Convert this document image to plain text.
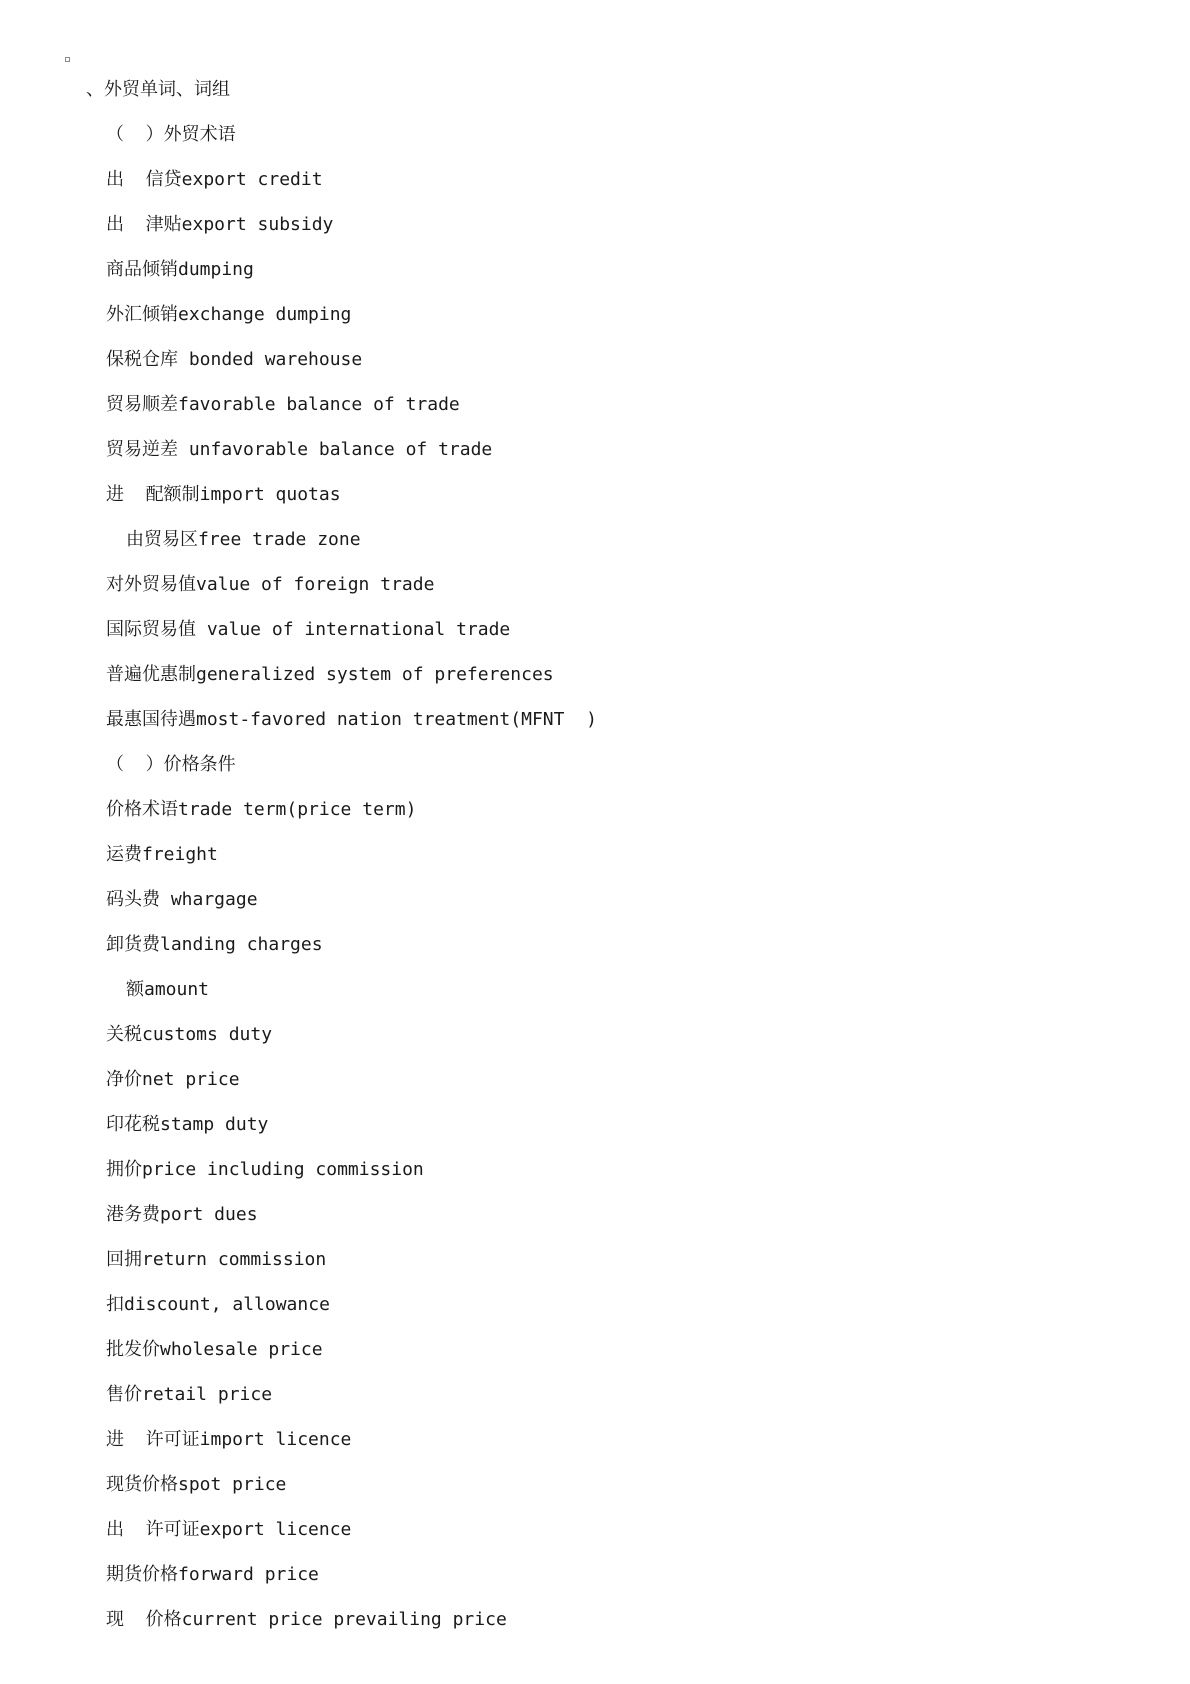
、外贸单词、词组
（  ）外贸术语
出  信贷export credit
出  津贴export subsidy
商品倾销dumping
外汇倾销exchange dumping
保税仓库 bonded warehouse
贸易顺差favorable balance of trade
贸易逆差 unfavorable balance of trade
进  配额制import quotas
由贸易区free trade zone
对外贸易值value of foreign trade
国际贸易值 value of international trade
普遍优惠制generalized system of preferences
最惠国待遇most-favored nation treatment(MFNT  )
（  ）价格条件
价格术语trade term(price term)
运费freight
码头费 whargage
卸货费landing charges
额amount
关税customs duty
净价net price
印花税stamp duty
拥价price including commission
港务费port dues
回拥return commission
扣discount, allowance
批发价wholesale price
售价retail price
进  许可证import licence
现货价格spot price
出  许可证export licence
期货价格forward price
现  价格current price prevailing price
